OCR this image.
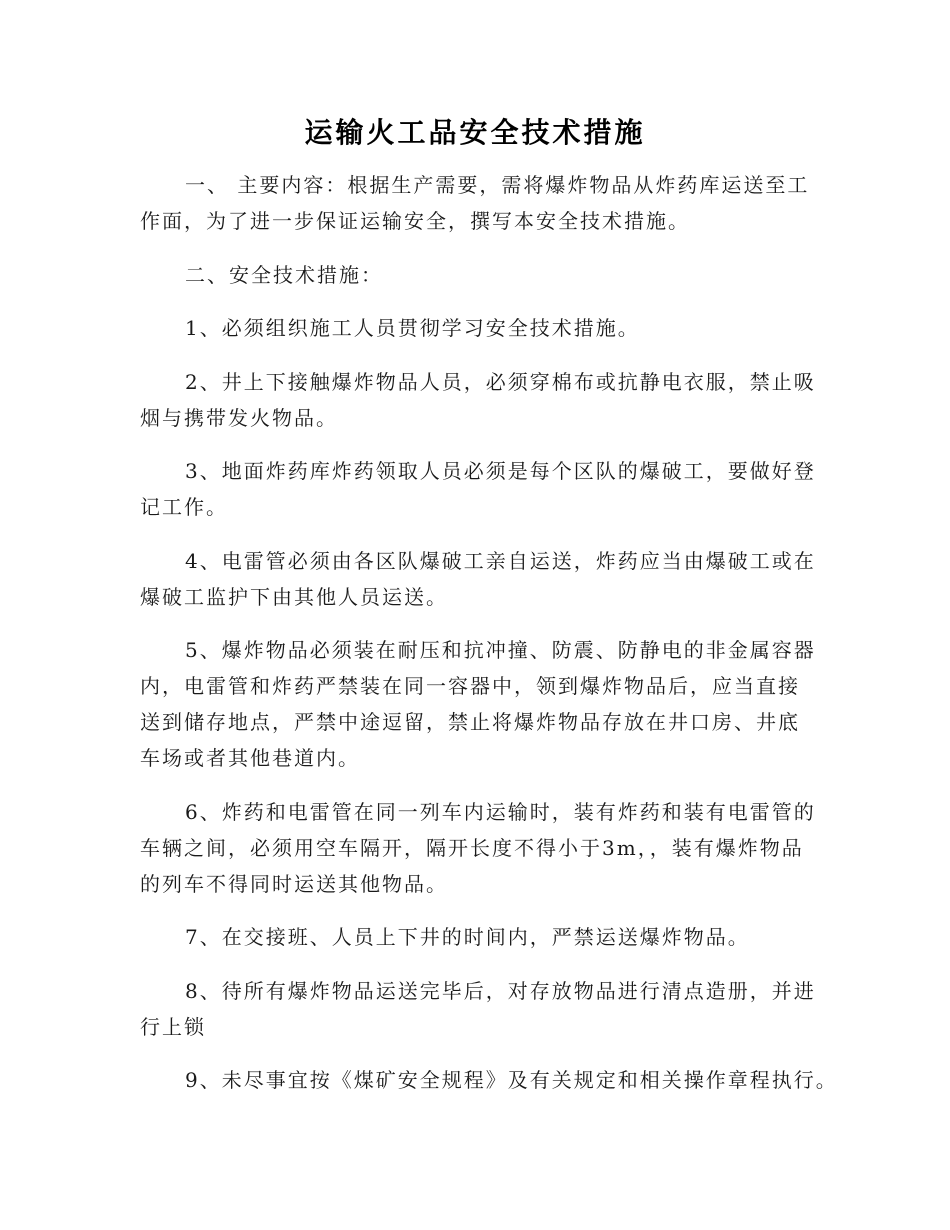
运输火工品安全技术措施
一、 主要内容：根据生产需要，需将爆炸物品从炸药库运送至工
作面，为了进一步保证运输安全，撰写本安全技术措施。
二、安全技术措施：
1、必须组织施工人员贯彻学习安全技术措施。
2、井上下接触爆炸物品人员，必须穿棉布或抗静电衣服，禁止吸
烟与携带发火物品。
3、地面炸药库炸药领取人员必须是每个区队的爆破工，要做好登
记工作。
4、电雷管必须由各区队爆破工亲自运送，炸药应当由爆破工或在
爆破工监护下由其他人员运送。
5、爆炸物品必须装在耐压和抗冲撞、防震、防静电的非金属容器
内，电雷管和炸药严禁装在同一容器中，领到爆炸物品后，应当直接
送到储存地点，严禁中途逗留，禁止将爆炸物品存放在井口房、井底
车场或者其他巷道内。
6、炸药和电雷管在同一列车内运输时，装有炸药和装有电雷管的
车辆之间，必须用空车隔开，隔开长度不得小于3m，，装有爆炸物品
的列车不得同时运送其他物品。
7、在交接班、人员上下井的时间内，严禁运送爆炸物品。
8、待所有爆炸物品运送完毕后，对存放物品进行清点造册，并进
行上锁
9、未尽事宜按《煤矿安全规程》及有关规定和相关操作章程执行。
